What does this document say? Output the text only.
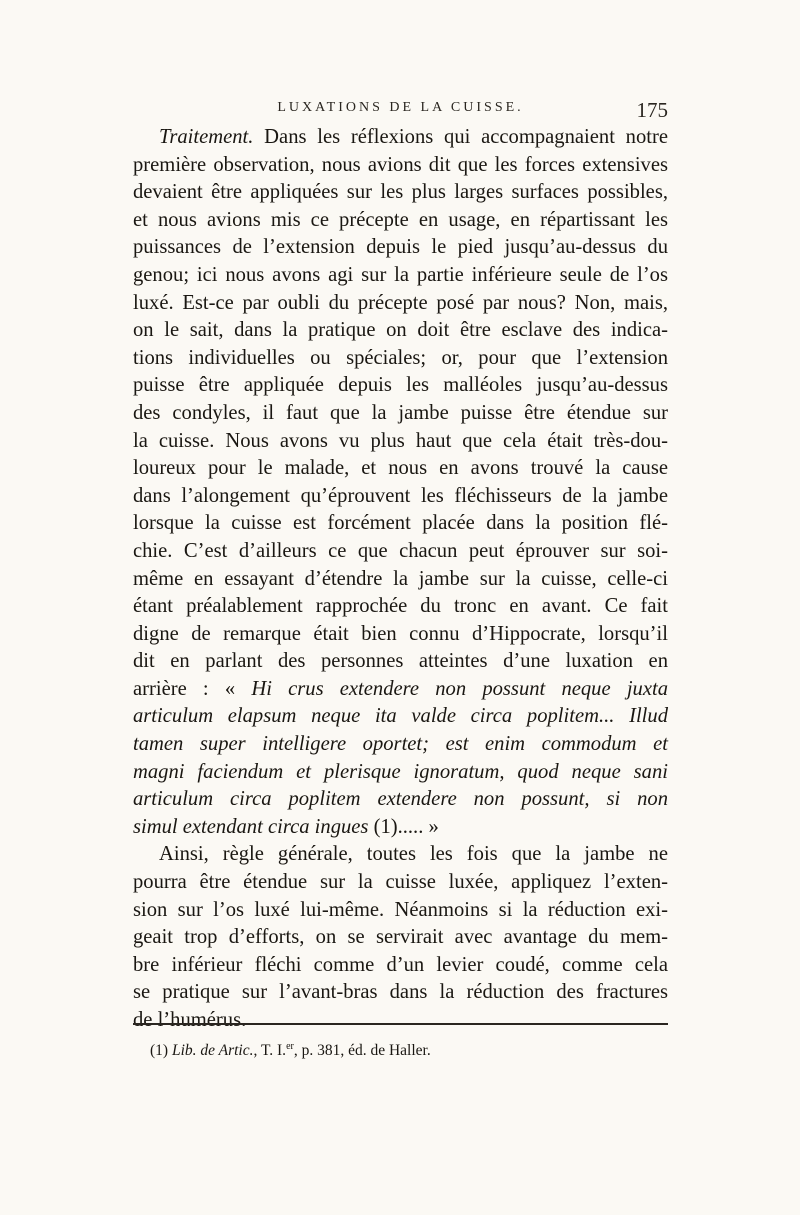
LUXATIONS DE LA CUISSE.	175
Traitement. Dans les réflexions qui accompagnaient notre
première observation, nous avions dit que les forces extensives
devaient être appliquées sur les plus larges surfaces possibles,
et nous avions mis ce précepte en usage, en répartissant les
puissances de l’extension depuis le pied jusqu’au-dessus du
genou; ici nous avons agi sur la partie inférieure seule de l’os
luxé. Est-ce par oubli du précepte posé par nous? Non, mais,
on le sait, dans la pratique on doit être esclave des indica-
tions individuelles ou spéciales; or, pour que l’extension
puisse être appliquée depuis les malléoles jusqu’au-dessus
des condyles, il faut que la jambe puisse être étendue sur
la cuisse. Nous avons vu plus haut que cela était très-dou-
loureux pour le malade, et nous en avons trouvé la cause
dans l’alongement qu’éprouvent les fléchisseurs de la jambe
lorsque la cuisse est forcément placée dans la position flé-
chie. C’est d’ailleurs ce que chacun peut éprouver sur soi-
même en essayant d’étendre la jambe sur la cuisse, celle-ci
étant préalablement rapprochée du tronc en avant. Ce fait
digne de remarque était bien connu d’Hippocrate, lorsqu’il
dit en parlant des personnes atteintes d’une luxation en
arrière : « Hi crus extendere non possunt neque juxta
articulum elapsum neque ita valde circa poplitem... Illud
tamen super intelligere oportet; est enim commodum et
magni faciendum et plerisque ignoratum, quod neque sani
articulum circa poplitem extendere non possunt, si non
simul extendant circa ingues (1)..... »
Ainsi, règle générale, toutes les fois que la jambe ne
pourra être étendue sur la cuisse luxée, appliquez l’exten-
sion sur l’os luxé lui-même. Néanmoins si la réduction exi-
geait trop d’efforts, on se servirait avec avantage du mem-
bre inférieur fléchi comme d’un levier coudé, comme cela
se pratique sur l’avant-bras dans la réduction des fractures
de l’humérus.
(1) Lib. de Artic., T. I.$^{er}$, p. 381, éd. de Haller.
